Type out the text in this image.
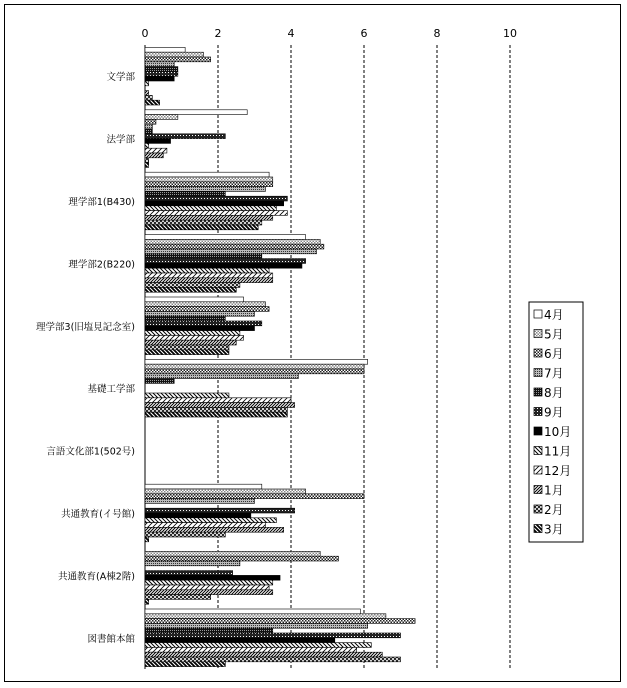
0	2	4	6	8	10
文学部
法学部
理学部1(B430)
理学部2(B220)
理学部3(旧塩見記念室)
基礎工学部
言語文化部1(502号)
共通教育(イ号館)
共通教育(A棟2階)
図書館本館
4月
5月
6月
7月
8月
9月
10月
11月
12月
1月
2月
3月
